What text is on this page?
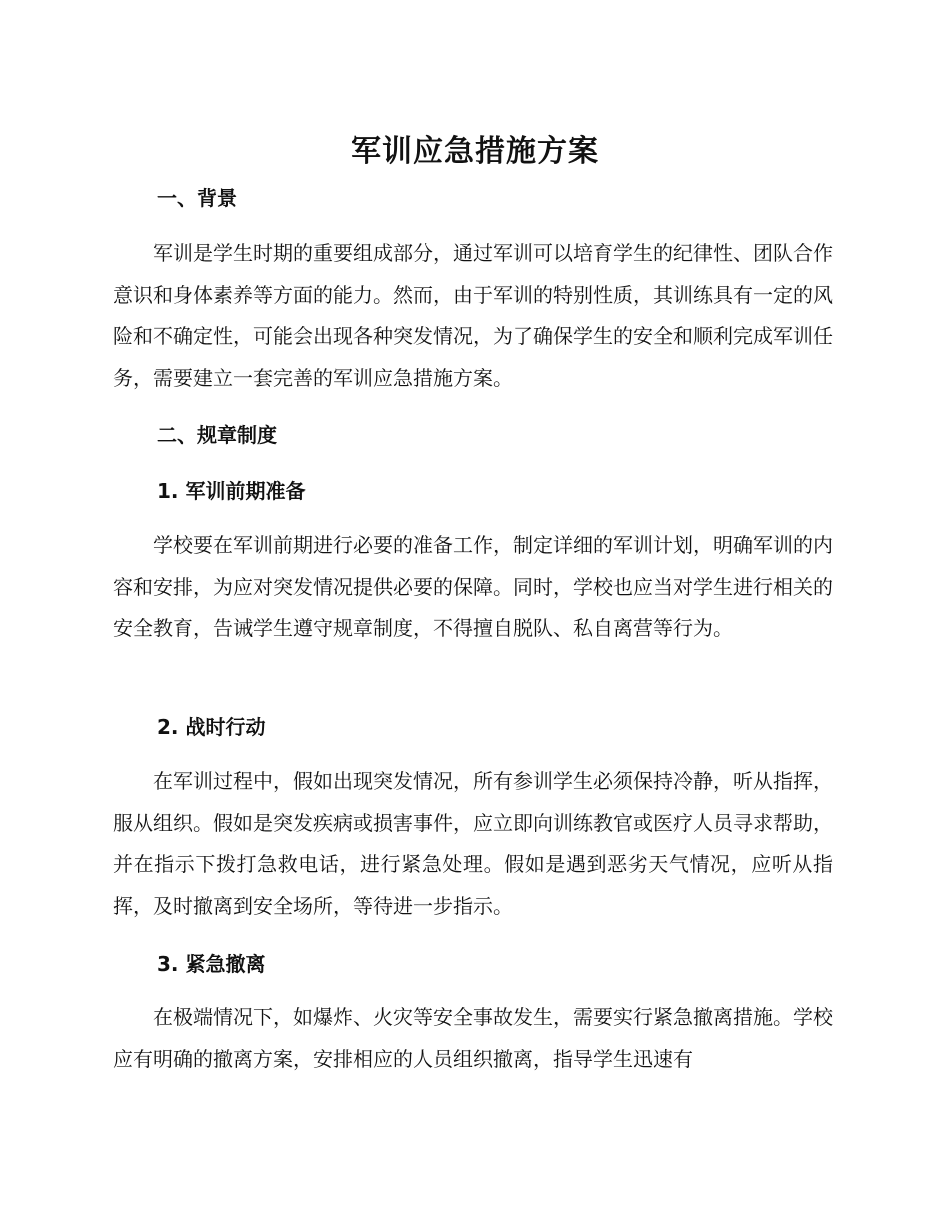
军训应急措施方案
一、背景

军训是学生时期的重要组成部分，通过军训可以培育学生的纪律性、团队合作意识和身体素养等方面的能力。然而，由于军训的特别性质，其训练具有一定的风险和不确定性，可能会出现各种突发情况，为了确保学生的安全和顺利完成军训任务，需要建立一套完善的军训应急措施方案。

二、规章制度
1. 军训前期准备

学校要在军训前期进行必要的准备工作，制定详细的军训计划，明确军训的内容和安排，为应对突发情况提供必要的保障。同时，学校也应当对学生进行相关的安全教育，告诫学生遵守规章制度，不得擅自脱队、私自离营等行为。

2. 战时行动

在军训过程中，假如出现突发情况，所有参训学生必须保持冷静，听从指挥，服从组织。假如是突发疾病或损害事件，应立即向训练教官或医疗人员寻求帮助，并在指示下拨打急救电话，进行紧急处理。假如是遇到恶劣天气情况，应听从指挥，及时撤离到安全场所，等待进一步指示。

3. 紧急撤离

在极端情况下，如爆炸、火灾等安全事故发生，需要实行紧急撤离措施。学校应有明确的撤离方案，安排相应的人员组织撤离，指导学生迅速有
